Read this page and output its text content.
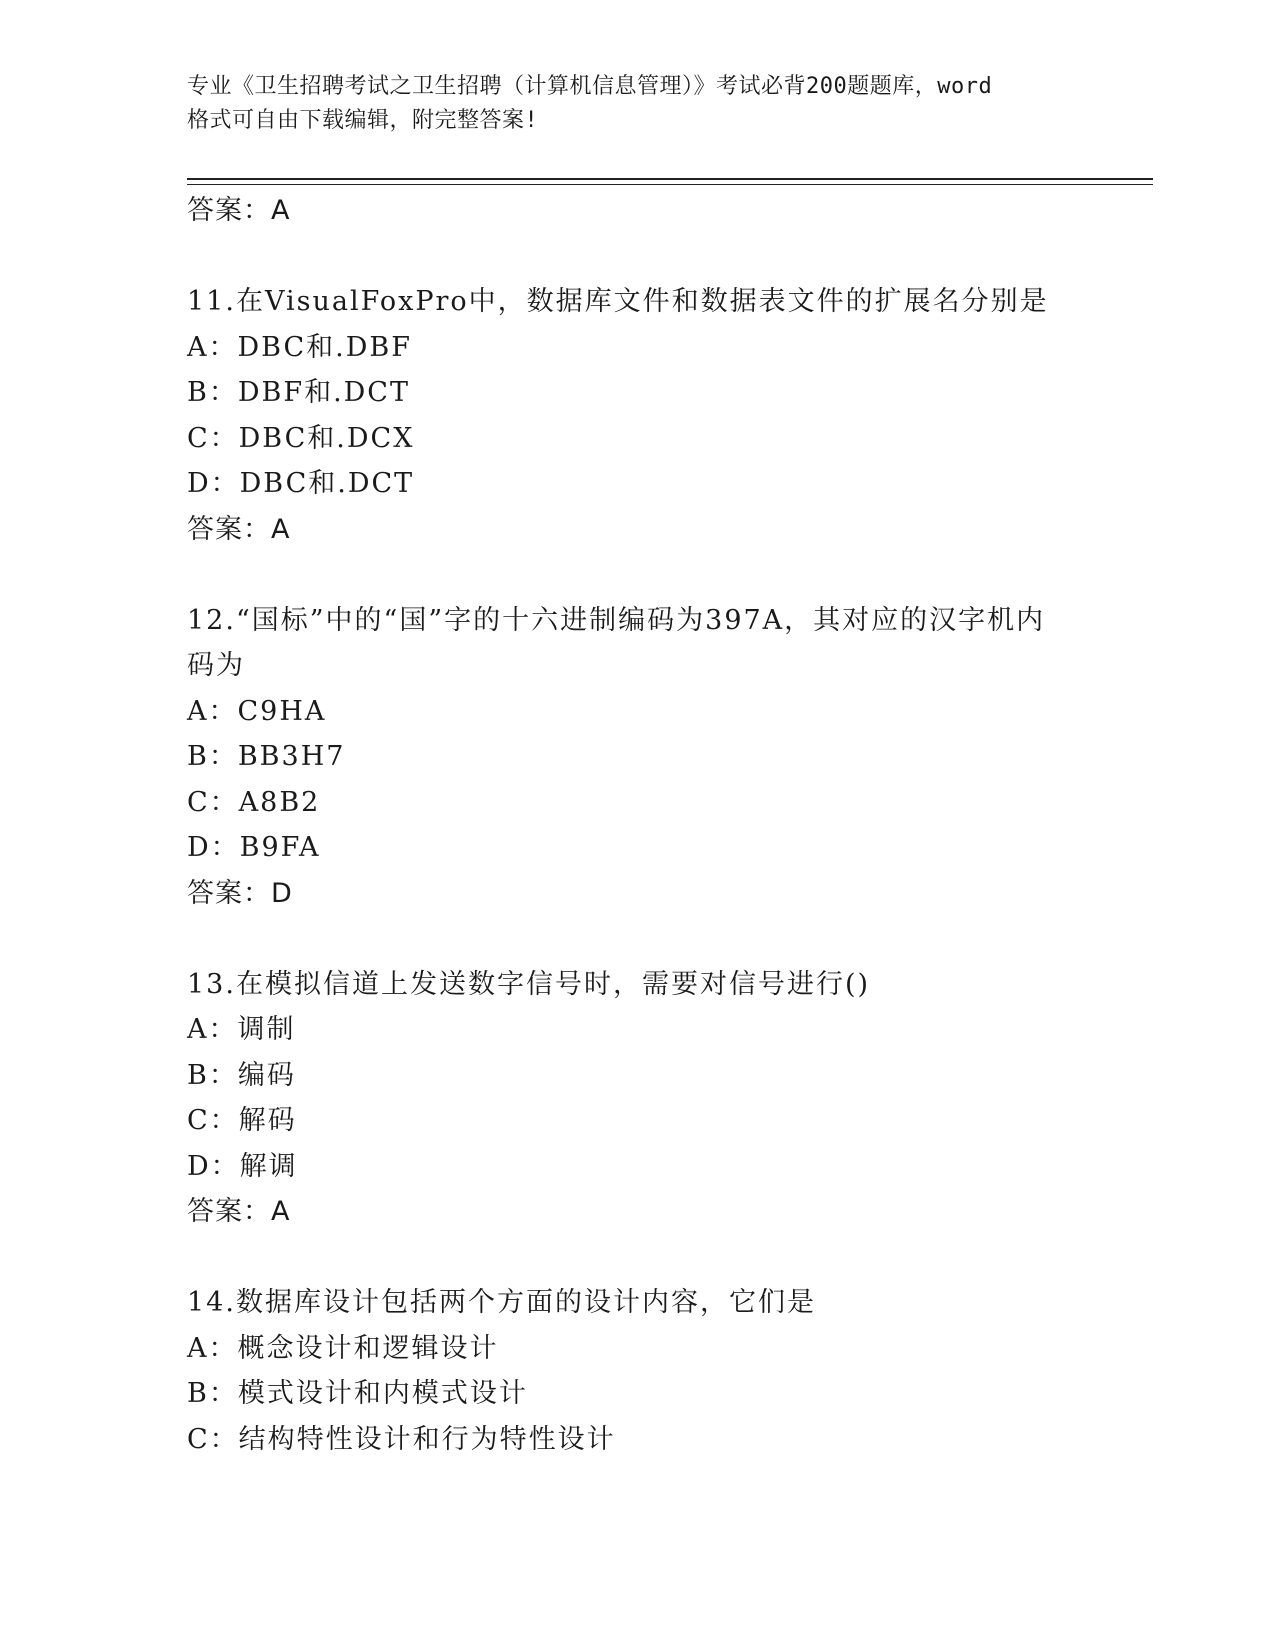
专业《卫生招聘考试之卫生招聘（计算机信息管理）》考试必背200题题库，word
格式可自由下载编辑，附完整答案!
答案：A
11.在VisualFoxPro中，数据库文件和数据表文件的扩展名分别是
A：DBC和.DBF
B：DBF和.DCT
C：DBC和.DCX
D：DBC和.DCT
答案：A
12.“国标”中的“国”字的十六进制编码为397A，其对应的汉字机内
码为
A：C9HA
B：BB3H7
C：A8B2
D：B9FA
答案：D
13.在模拟信道上发送数字信号时，需要对信号进行()
A：调制
B：编码
C：解码
D：解调
答案：A
14.数据库设计包括两个方面的设计内容，它们是
A：概念设计和逻辑设计
B：模式设计和内模式设计
C：结构特性设计和行为特性设计
